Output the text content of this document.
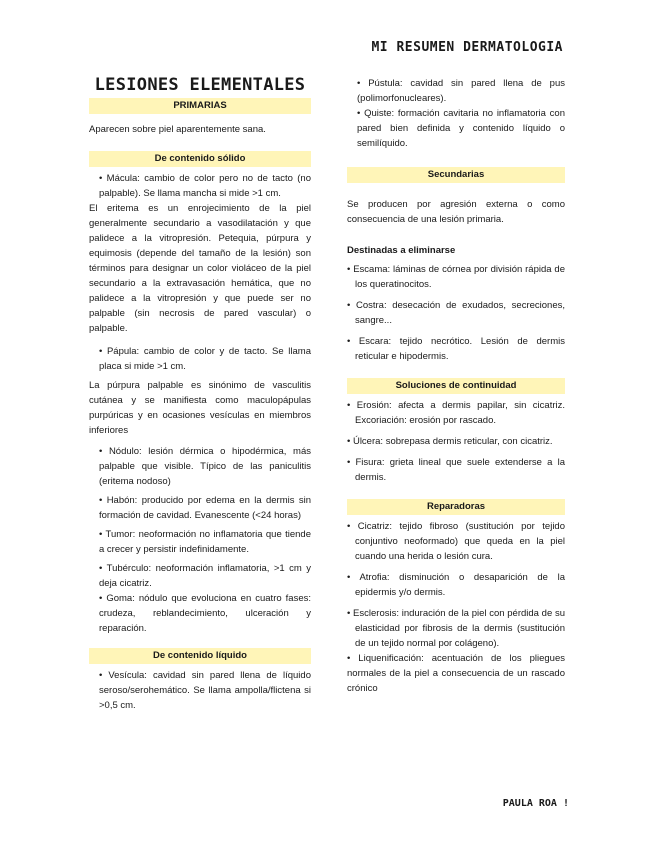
MI RESUMEN DERMATOLOGIA
LESIONES ELEMENTALES
PRIMARIAS

Aparecen sobre piel aparentemente sana.

De contenido sólido

• Mácula: cambio de color pero no de tacto (no palpable). Se llama mancha si mide >1 cm.

El eritema es un enrojecimiento de la piel generalmente secundario a vasodilatación y que palidece a la vitropresión. Petequia, púrpura y equimosis (depende del tamaño de la lesión) son términos para designar un color violáceo de la piel secundario a la extravasación hemática, que no palidece a la vitropresión y que puede ser no palpable (sin necrosis de pared vascular) o palpable.

• Pápula: cambio de color y de tacto. Se llama placa si mide >1 cm.

La púrpura palpable es sinónimo de vasculitis cutánea y se manifiesta como maculopápulas purpúricas y en ocasiones vesículas en miembros inferiores

• Nódulo: lesión dérmica o hipodérmica, más palpable que visible. Típico de las paniculitis (eritema nodoso)

• Habón: producido por edema en la dermis sin formación de cavidad. Evanescente (<24 horas)

• Tumor: neoformación no inflamatoria que tiende a crecer y persistir indefinidamente.

• Tubérculo: neoformación inflamatoria, >1 cm y deja cicatriz.

• Goma: nódulo que evoluciona en cuatro fases: crudeza, reblandecimiento, ulceración y reparación.

De contenido líquido

• Vesícula: cavidad sin pared llena de líquido seroso/serohemático. Se llama ampolla/flictena si >0,5 cm.

• Pústula: cavidad sin pared llena de pus (polimorfonucleares).

• Quiste: formación cavitaria no inflamatoria con pared bien definida y contenido líquido o semilíquido.

Secundarias

Se producen por agresión externa o como consecuencia de una lesión primaria.

Destinadas a eliminarse

• Escama: láminas de córnea por división rápida de los queratinocitos.

• Costra: desecación de exudados, secreciones, sangre...

• Escara: tejido necrótico. Lesión de dermis reticular e hipodermis.

Soluciones de continuidad

• Erosión: afecta a dermis papilar, sin cicatriz. Excoriación: erosión por rascado.

• Úlcera: sobrepasa dermis reticular, con cicatriz.

• Fisura: grieta lineal que suele extenderse a la dermis.

Reparadoras

• Cicatriz: tejido fibroso (sustitución por tejido conjuntivo neoformado) que queda en la piel cuando una herida o lesión cura.

• Atrofia: disminución o desaparición de la epidermis y/o dermis.

• Esclerosis: induración de la piel con pérdida de su elasticidad por fibrosis de la dermis (sustitución de un tejido normal por colágeno).

• Liquenificación: acentuación de los pliegues normales de la piel a consecuencia de un rascado crónico

PAULA ROA !
